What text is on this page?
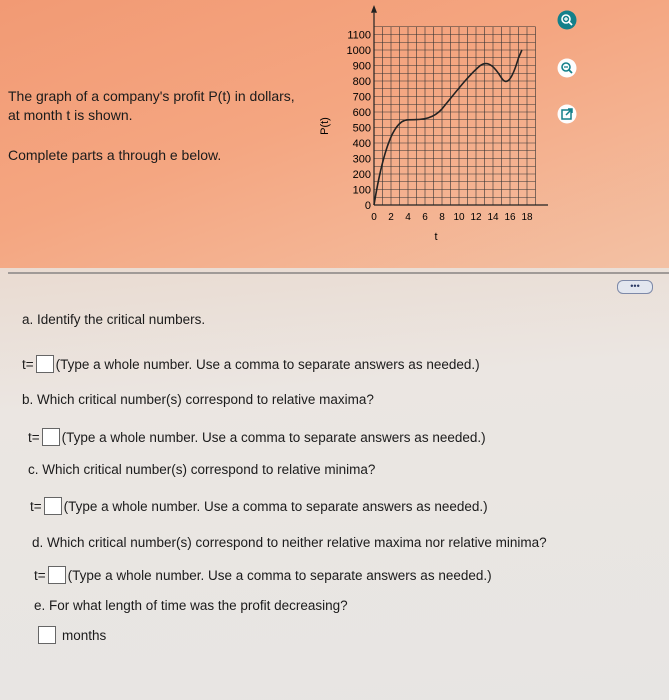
The graph of a company's profit P(t) in dollars,
at month t is shown.
Complete parts a through e below.
1100
1000
900
800
700
600
500
400
300
200
100
0
0 2 4 6 8 10 12 14 16 18
P(t)
t
•••
a. Identify the critical numbers.
t= (Type a whole number. Use a comma to separate answers as needed.)
b. Which critical number(s) correspond to relative maxima?
t= (Type a whole number. Use a comma to separate answers as needed.)
c. Which critical number(s) correspond to relative minima?
t= (Type a whole number. Use a comma to separate answers as needed.)
d. Which critical number(s) correspond to neither relative maxima nor relative minima?
t= (Type a whole number. Use a comma to separate answers as needed.)
e. For what length of time was the profit decreasing?
months
